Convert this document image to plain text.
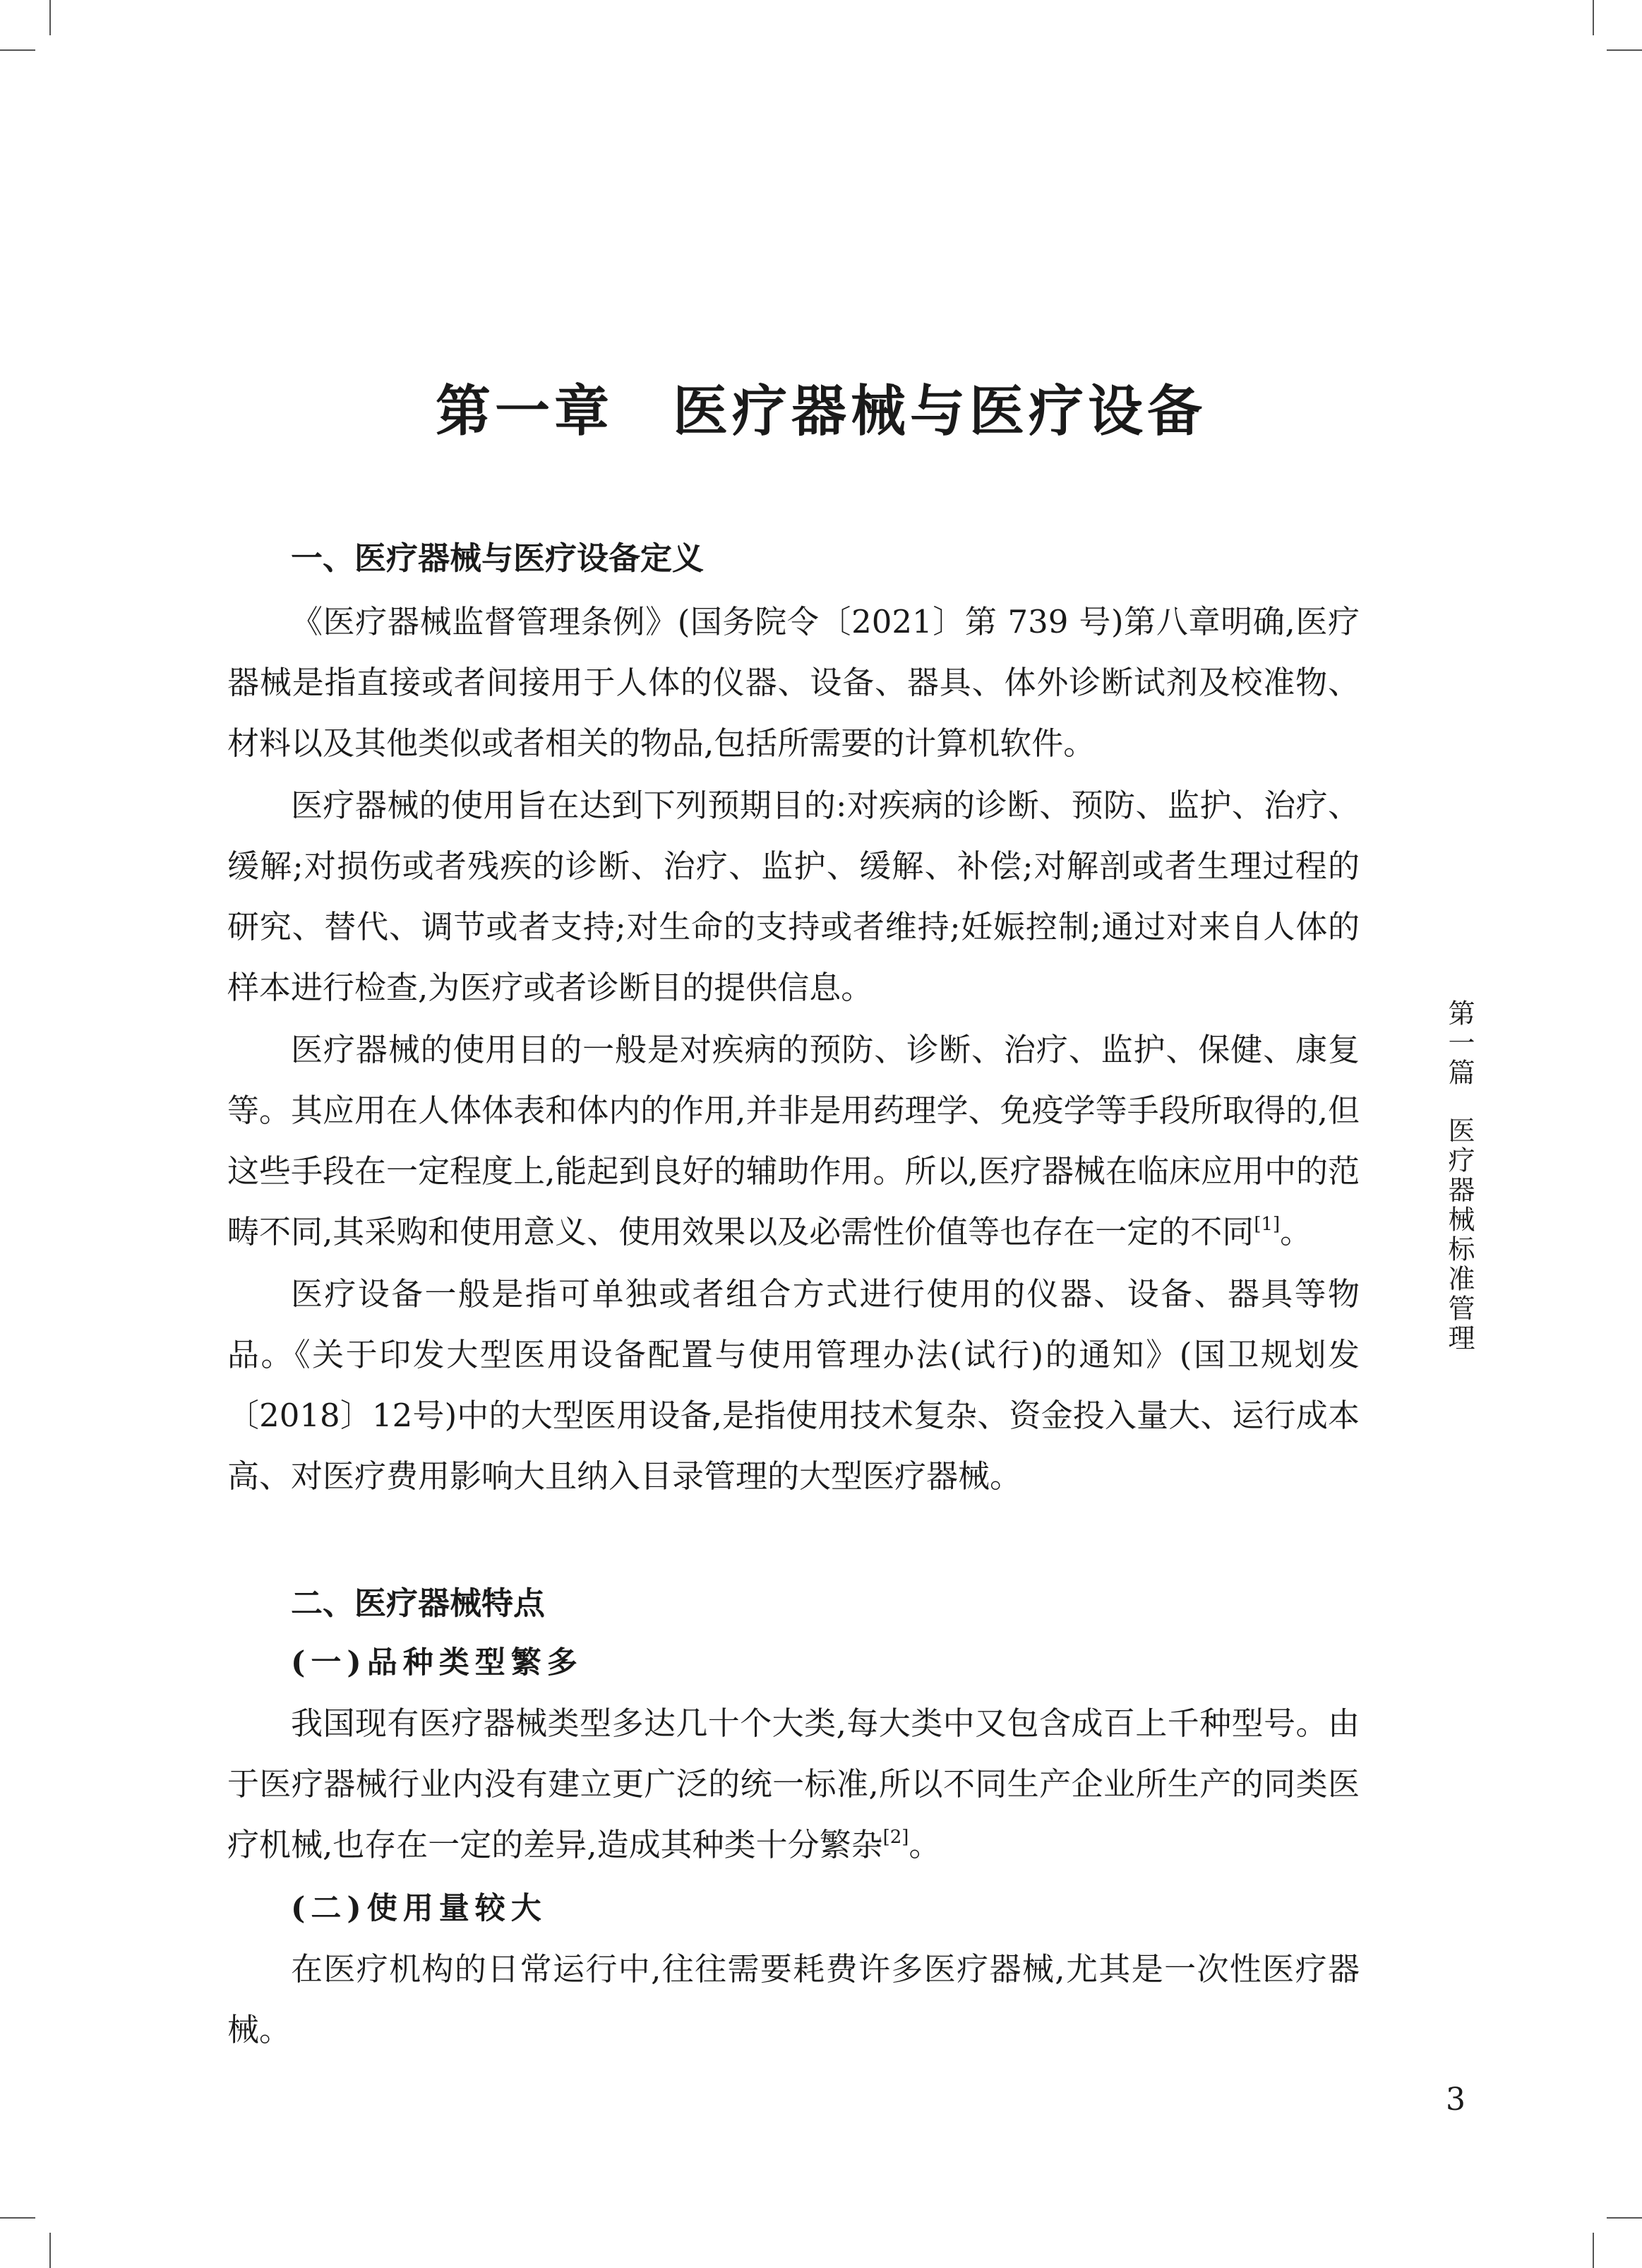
第一章　医疗器械与医疗设备
一、医疗器械与医疗设备定义

《医疗器械监督管理条例》(国务院令〔2021〕第 739 号)第八章明确,医疗器械是指直接或者间接用于人体的仪器、设备、器具、体外诊断试剂及校准物、材料以及其他类似或者相关的物品,包括所需要的计算机软件。

医疗器械的使用旨在达到下列预期目的:对疾病的诊断、预防、监护、治疗、缓解;对损伤或者残疾的诊断、治疗、监护、缓解、补偿;对解剖或者生理过程的研究、替代、调节或者支持;对生命的支持或者维持;妊娠控制;通过对来自人体的样本进行检查,为医疗或者诊断目的提供信息。

医疗器械的使用目的一般是对疾病的预防、诊断、治疗、监护、保健、康复等。其应用在人体体表和体内的作用,并非是用药理学、免疫学等手段所取得的,但这些手段在一定程度上,能起到良好的辅助作用。所以,医疗器械在临床应用中的范畴不同,其采购和使用意义、使用效果以及必需性价值等也存在一定的不同[1]。

医疗设备一般是指可单独或者组合方式进行使用的仪器、设备、器具等物品。《关于印发大型医用设备配置与使用管理办法(试行)的通知》(国卫规划发〔2018〕12号)中的大型医用设备,是指使用技术复杂、资金投入量大、运行成本高、对医疗费用影响大且纳入目录管理的大型医疗器械。

二、医疗器械特点
(一)品种类型繁多

我国现有医疗器械类型多达几十个大类,每大类中又包含成百上千种型号。由于医疗器械行业内没有建立更广泛的统一标准,所以不同生产企业所生产的同类医疗机械,也存在一定的差异,造成其种类十分繁杂[2]。

(二)使用量较大

在医疗机构的日常运行中,往往需要耗费许多医疗器械,尤其是一次性医疗器械。

第一篇医疗器械标准管理
3
